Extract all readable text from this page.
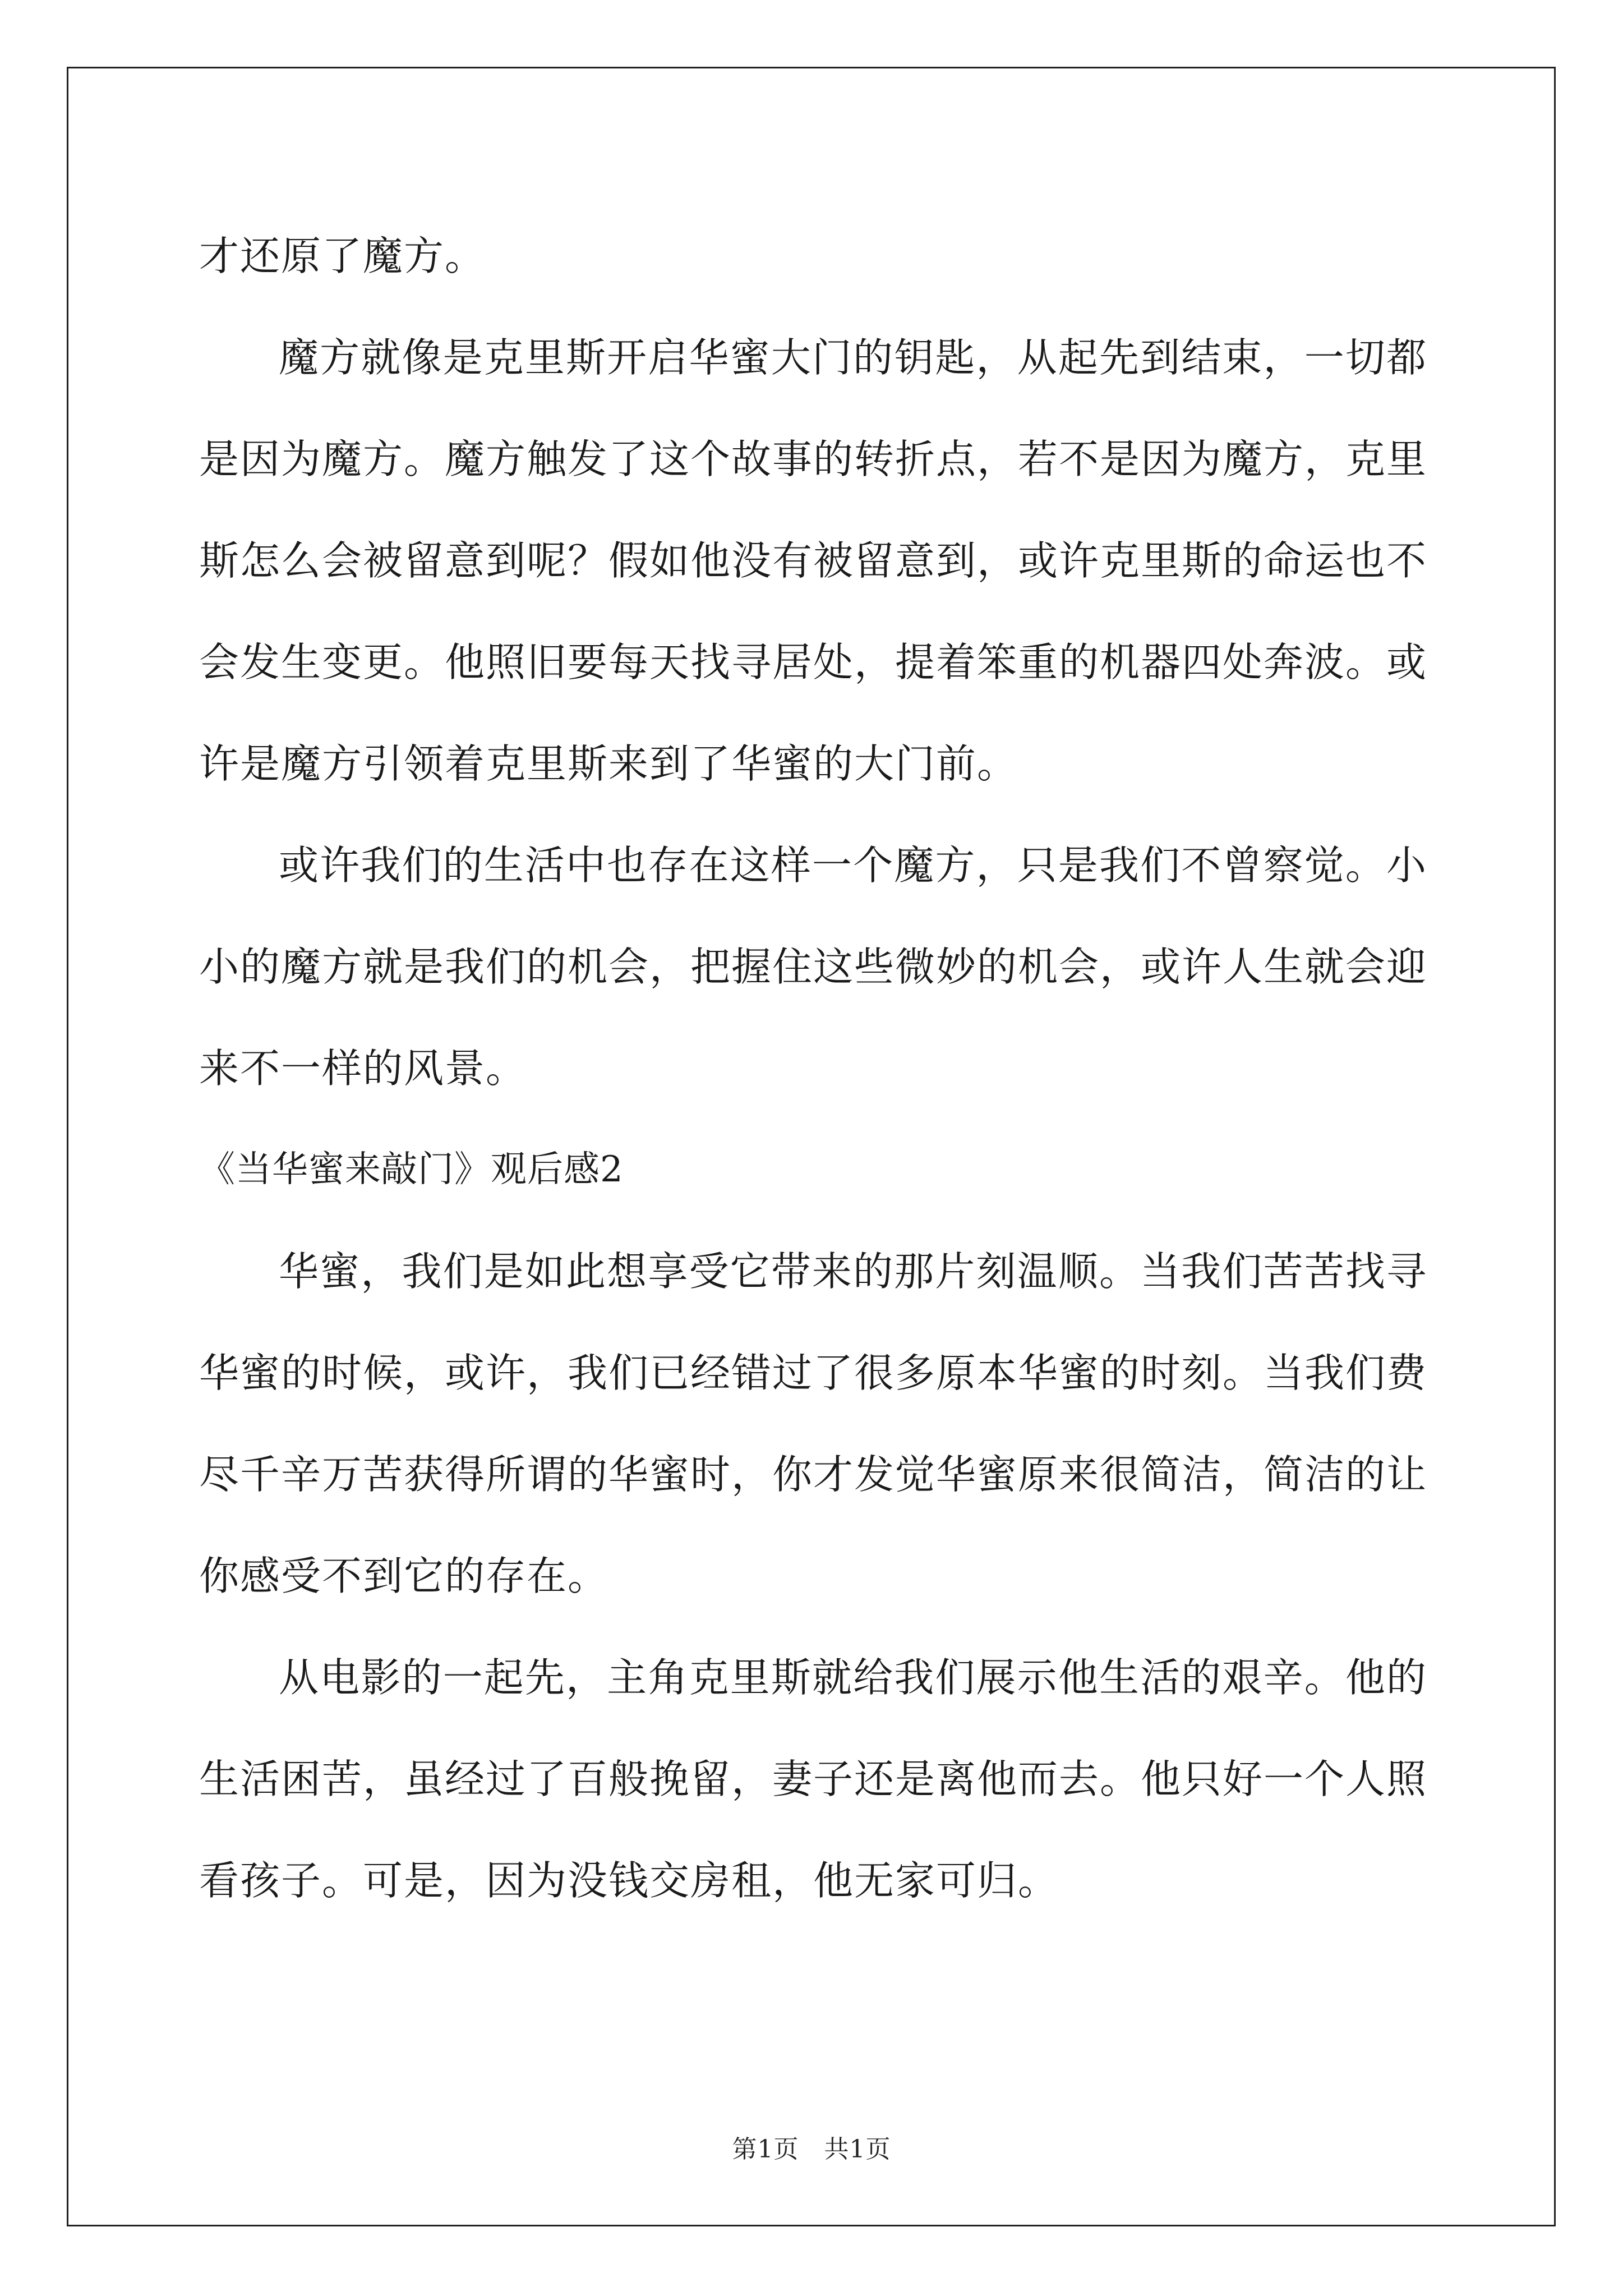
才还原了魔方。

魔方就像是克里斯开启华蜜大门的钥匙，从起先到结束，一切都是因为魔方。魔方触发了这个故事的转折点，若不是因为魔方，克里斯怎么会被留意到呢？假如他没有被留意到，或许克里斯的命运也不会发生变更。他照旧要每天找寻居处，提着笨重的机器四处奔波。或许是魔方引领着克里斯来到了华蜜的大门前。

或许我们的生活中也存在这样一个魔方，只是我们不曾察觉。小小的魔方就是我们的机会，把握住这些微妙的机会，或许人生就会迎来不一样的风景。

《当华蜜来敲门》观后感2

华蜜，我们是如此想享受它带来的那片刻温顺。当我们苦苦找寻华蜜的时候，或许，我们已经错过了很多原本华蜜的时刻。当我们费尽千辛万苦获得所谓的华蜜时，你才发觉华蜜原来很简洁，简洁的让你感受不到它的存在。

从电影的一起先，主角克里斯就给我们展示他生活的艰辛。他的生活困苦，虽经过了百般挽留，妻子还是离他而去。他只好一个人照看孩子。可是，因为没钱交房租，他无家可归。

第1页 共1页
